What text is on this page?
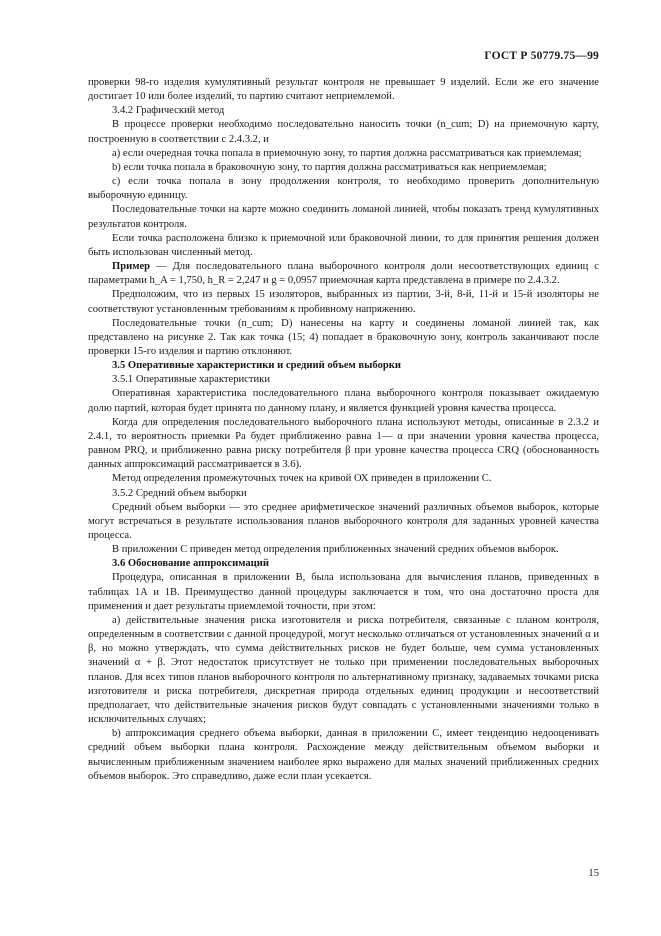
ГОСТ Р 50779.75—99

проверки 98-го изделия кумулятивный результат контроля не превышает 9 изделий. Если же его значение достигает 10 или более изделий, то партию считают неприемлемой.

3.4.2 Графический метод

В процессе проверки необходимо последовательно наносить точки (n_cum; D) на приемочную карту, построенную в соответствии с 2.4.3.2, и

а) если очередная точка попала в приемочную зону, то партия должна рассматриваться как приемлемая;

b) если точка попала в браковочную зону, то партия должна рассматриваться как неприемлемая;

с) если точка попала в зону продолжения контроля, то необходимо проверить дополнительную выборочную единицу.

Последовательные точки на карте можно соединить ломаной линией, чтобы показать тренд кумулятивных результатов контроля.

Если точка расположена близко к приемочной или браковочной линии, то для принятия решения должен быть использован численный метод.

Пример — Для последовательного плана выборочного контроля доли несоответствующих единиц с параметрами h_A = 1,750, h_R = 2,247 и g = 0,0957 приемочная карта представлена в примере по 2.4.3.2.

Предположим, что из первых 15 изоляторов, выбранных из партии, 3-й, 8-й, 11-й и 15-й изоляторы не соответствуют установленным требованиям к пробивному напряжению.

Последовательные точки (n_cum; D) нанесены на карту и соединены ломаной линией так, как представлено на рисунке 2. Так как точка (15; 4) попадает в браковочную зону, контроль заканчивают после проверки 15-го изделия и партию отклоняют.

3.5 Оперативные характеристики и средний объем выборки

3.5.1 Оперативные характеристики

Оперативная характеристика последовательного плана выборочного контроля показывает ожидаемую долю партий, которая будет принята по данному плану, и является функцией уровня качества процесса.

Когда для определения последовательного выборочного плана используют методы, описанные в 2.3.2 и 2.4.1, то вероятность приемки Pa будет приближенно равна 1— α при значении уровня качества процесса, равном PRQ, и приближенно равна риску потребителя β при уровне качества процесса CRQ (обоснованность данных аппроксимаций рассматривается в 3.6).

Метод определения промежуточных точек на кривой ОХ приведен в приложении С.

3.5.2 Средний объем выборки

Средний объем выборки — это среднее арифметическое значений различных объемов выборок, которые могут встречаться в результате использования планов выборочного контроля для заданных уровней качества процесса.

В приложении С приведен метод определения приближенных значений средних объемов выборок.

3.6 Обоснование аппроксимаций

Процедура, описанная в приложении В, была использована для вычисления планов, приведенных в таблицах 1А и 1В. Преимущество данной процедуры заключается в том, что она достаточно проста для применения и дает результаты приемлемой точности, при этом:

а) действительные значения риска изготовителя и риска потребителя, связанные с планом контроля, определенным в соответствии с данной процедурой, могут несколько отличаться от установленных значений α и β, но можно утверждать, что сумма действительных рисков не будет больше, чем сумма установленных значений α + β. Этот недостаток присутствует не только при применении последовательных выборочных планов. Для всех типов планов выборочного контроля по альтернативному признаку, задаваемых точками риска изготовителя и риска потребителя, дискретная природа отдельных единиц продукции и несоответствий предполагает, что действительные значения рисков будут совпадать с установленными значениями только в исключительных случаях;

b) аппроксимация среднего объема выборки, данная в приложении С, имеет тенденцию недооценивать средний объем выборки плана контроля. Расхождение между действительным объемом выборки и вычисленным приближенным значением наиболее ярко выражено для малых значений приближенных средних объемов выборок. Это справедливо, даже если план усекается.

15
